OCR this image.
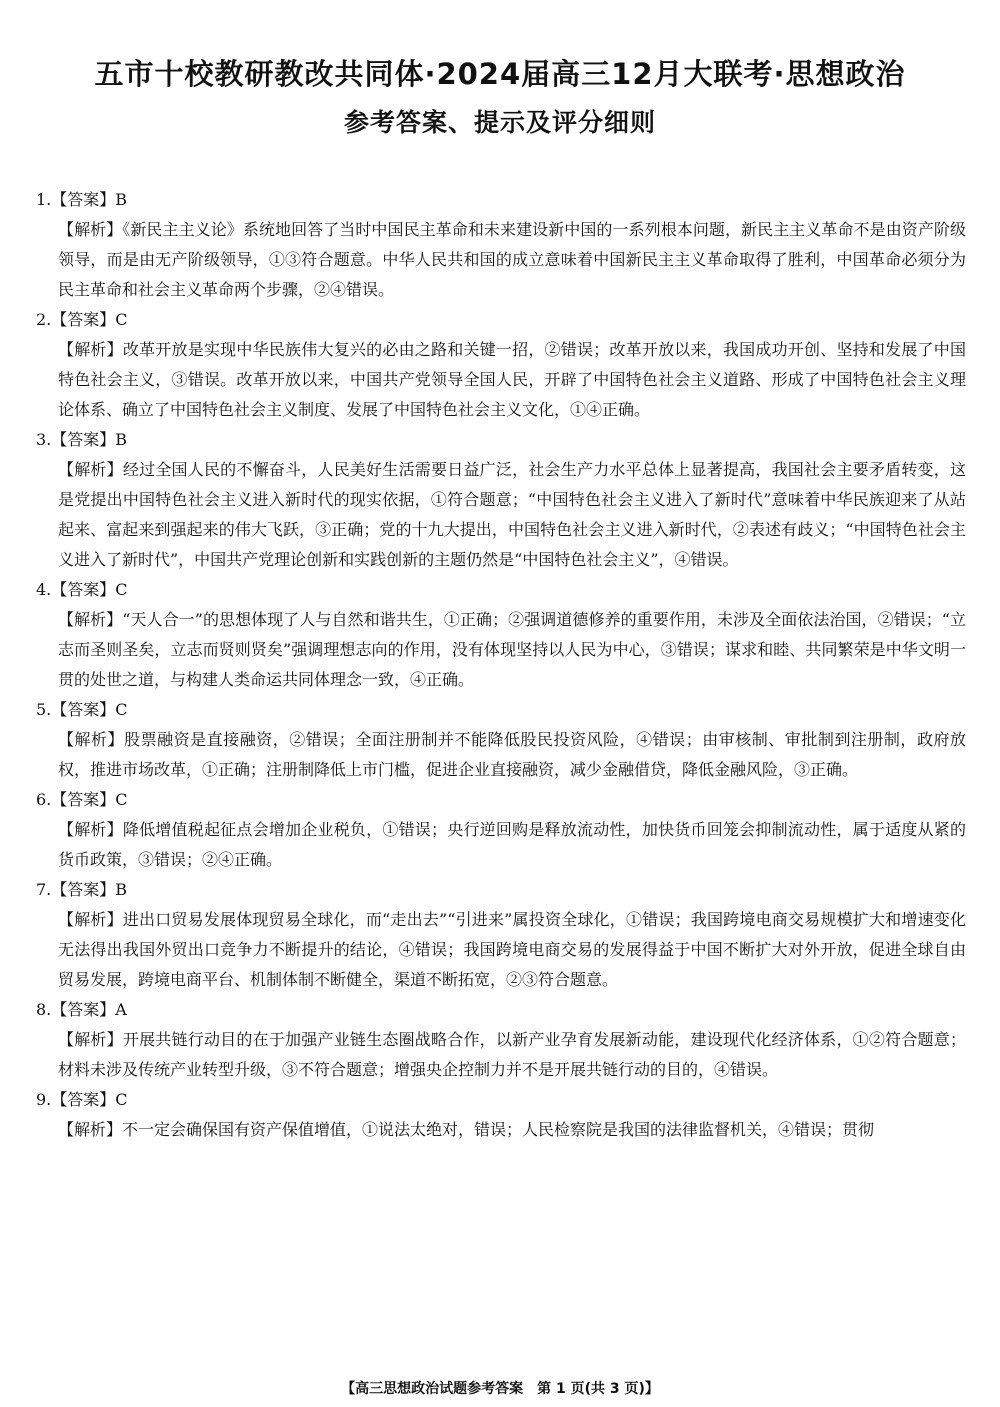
五市十校教研教改共同体·2024届高三12月大联考·思想政治
参考答案、提示及评分细则
1.【答案】B
【解析】《新民主主义论》系统地回答了当时中国民主革命和未来建设新中国的一系列根本问题，新民主主义革命不是由资产阶级领导，而是由无产阶级领导，①③符合题意。中华人民共和国的成立意味着中国新民主主义革命取得了胜利，中国革命必须分为民主革命和社会主义革命两个步骤，②④错误。
2.【答案】C
【解析】改革开放是实现中华民族伟大复兴的必由之路和关键一招，②错误；改革开放以来，我国成功开创、坚持和发展了中国特色社会主义，③错误。改革开放以来，中国共产党领导全国人民，开辟了中国特色社会主义道路、形成了中国特色社会主义理论体系、确立了中国特色社会主义制度、发展了中国特色社会主义文化，①④正确。
3.【答案】B
【解析】经过全国人民的不懈奋斗，人民美好生活需要日益广泛，社会生产力水平总体上显著提高，我国社会主要矛盾转变，这是党提出中国特色社会主义进入新时代的现实依据，①符合题意；“中国特色社会主义进入了新时代”意味着中华民族迎来了从站起来、富起来到强起来的伟大飞跃，③正确；党的十九大提出，中国特色社会主义进入新时代，②表述有歧义；“中国特色社会主义进入了新时代”，中国共产党理论创新和实践创新的主题仍然是“中国特色社会主义”，④错误。
4.【答案】C
【解析】“天人合一”的思想体现了人与自然和谐共生，①正确；②强调道德修养的重要作用，未涉及全面依法治国，②错误；“立志而圣则圣矣，立志而贤则贤矣”强调理想志向的作用，没有体现坚持以人民为中心，③错误；谋求和睦、共同繁荣是中华文明一贯的处世之道，与构建人类命运共同体理念一致，④正确。
5.【答案】C
【解析】股票融资是直接融资，②错误；全面注册制并不能降低股民投资风险，④错误；由审核制、审批制到注册制，政府放权，推进市场改革，①正确；注册制降低上市门槛，促进企业直接融资，减少金融借贷，降低金融风险，③正确。
6.【答案】C
【解析】降低增值税起征点会增加企业税负，①错误；央行逆回购是释放流动性，加快货币回笼会抑制流动性，属于适度从紧的货币政策，③错误；②④正确。
7.【答案】B
【解析】进出口贸易发展体现贸易全球化，而“走出去”“引进来”属投资全球化，①错误；我国跨境电商交易规模扩大和增速变化无法得出我国外贸出口竞争力不断提升的结论，④错误；我国跨境电商交易的发展得益于中国不断扩大对外开放，促进全球自由贸易发展，跨境电商平台、机制体制不断健全，渠道不断拓宽，②③符合题意。
8.【答案】A
【解析】开展共链行动目的在于加强产业链生态圈战略合作，以新产业孕育发展新动能，建设现代化经济体系，①②符合题意；材料未涉及传统产业转型升级，③不符合题意；增强央企控制力并不是开展共链行动的目的，④错误。
9.【答案】C
【解析】不一定会确保国有资产保值增值，①说法太绝对，错误；人民检察院是我国的法律监督机关，④错误；贯彻
【高三思想政治试题参考答案　第 1 页(共 3 页)】
